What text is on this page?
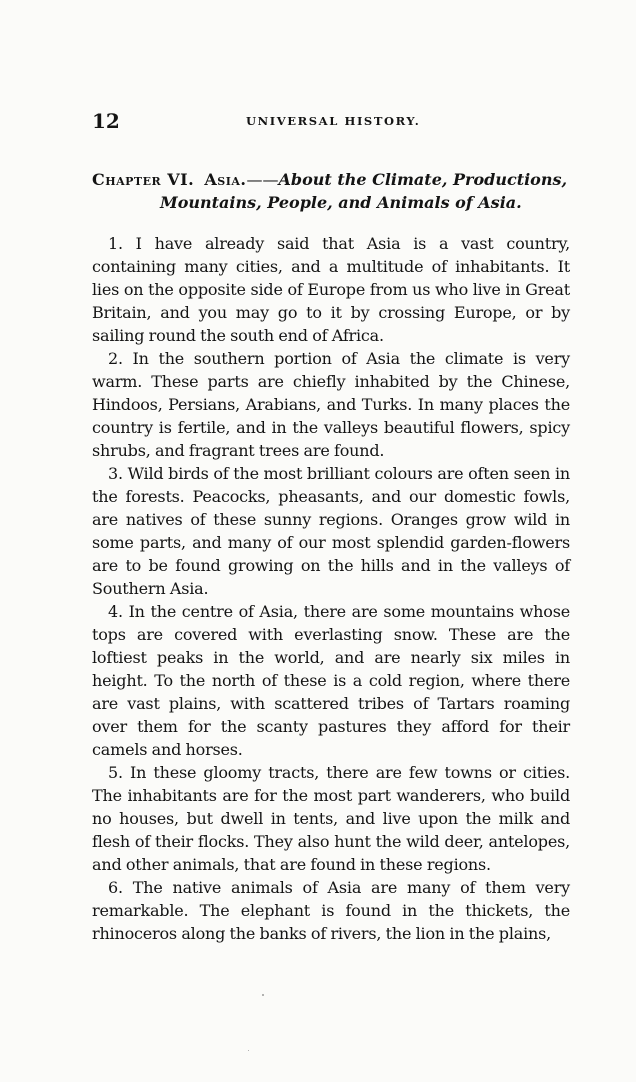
12	UNIVERSAL HISTORY.
Chapter VI. Asia.——About the Climate, Productions,
Mountains, People, and Animals of Asia.

1. I have already said that Asia is a vast country, containing many cities, and a multitude of inhabitants. It lies on the opposite side of Europe from us who live in Great Britain, and you may go to it by crossing Europe, or by sailing round the south end of Africa.

2. In the southern portion of Asia the climate is very warm. These parts are chiefly inhabited by the Chinese, Hindoos, Persians, Arabians, and Turks. In many places the country is fertile, and in the valleys beautiful flowers, spicy shrubs, and fragrant trees are found.

3. Wild birds of the most brilliant colours are often seen in the forests. Peacocks, pheasants, and our domestic fowls, are natives of these sunny regions. Oranges grow wild in some parts, and many of our most splendid garden-flowers are to be found growing on the hills and in the valleys of Southern Asia.

4. In the centre of Asia, there are some mountains whose tops are covered with everlasting snow. These are the loftiest peaks in the world, and are nearly six miles in height. To the north of these is a cold region, where there are vast plains, with scattered tribes of Tartars roaming over them for the scanty pastures they afford for their camels and horses.

5. In these gloomy tracts, there are few towns or cities. The inhabitants are for the most part wanderers, who build no houses, but dwell in tents, and live upon the milk and flesh of their flocks. They also hunt the wild deer, antelopes, and other animals, that are found in these regions.

6. The native animals of Asia are many of them very remarkable. The elephant is found in the thickets, the rhinoceros along the banks of rivers, the lion in the plains,
